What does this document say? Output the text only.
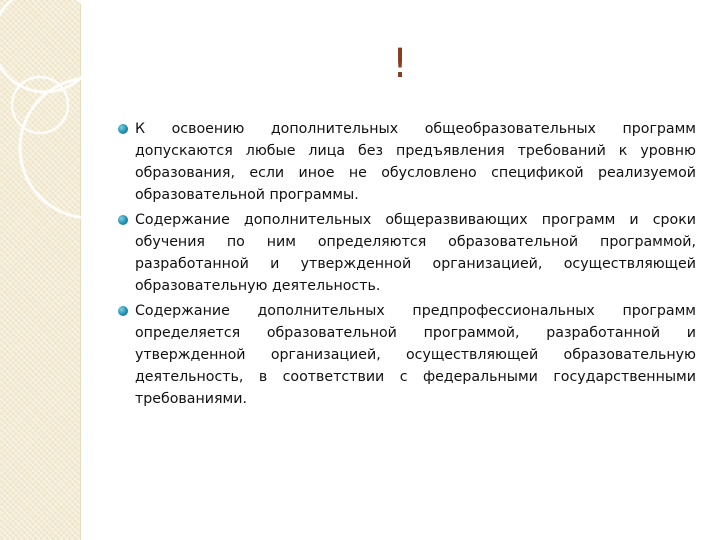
!

К освоению дополнительных общеобразовательных программ допускаются любые лица без предъявления требований к уровню образования, если иное не обусловлено спецификой реализуемой образовательной программы.

Содержание дополнительных общеразвивающих программ и сроки обучения по ним определяются образовательной программой, разработанной и утвержденной организацией, осуществляющей образовательную деятельность.

Содержание дополнительных предпрофессиональных программ определяется образовательной программой, разработанной и утвержденной организацией, осуществляющей образовательную деятельность, в соответствии с федеральными государственными требованиями.
